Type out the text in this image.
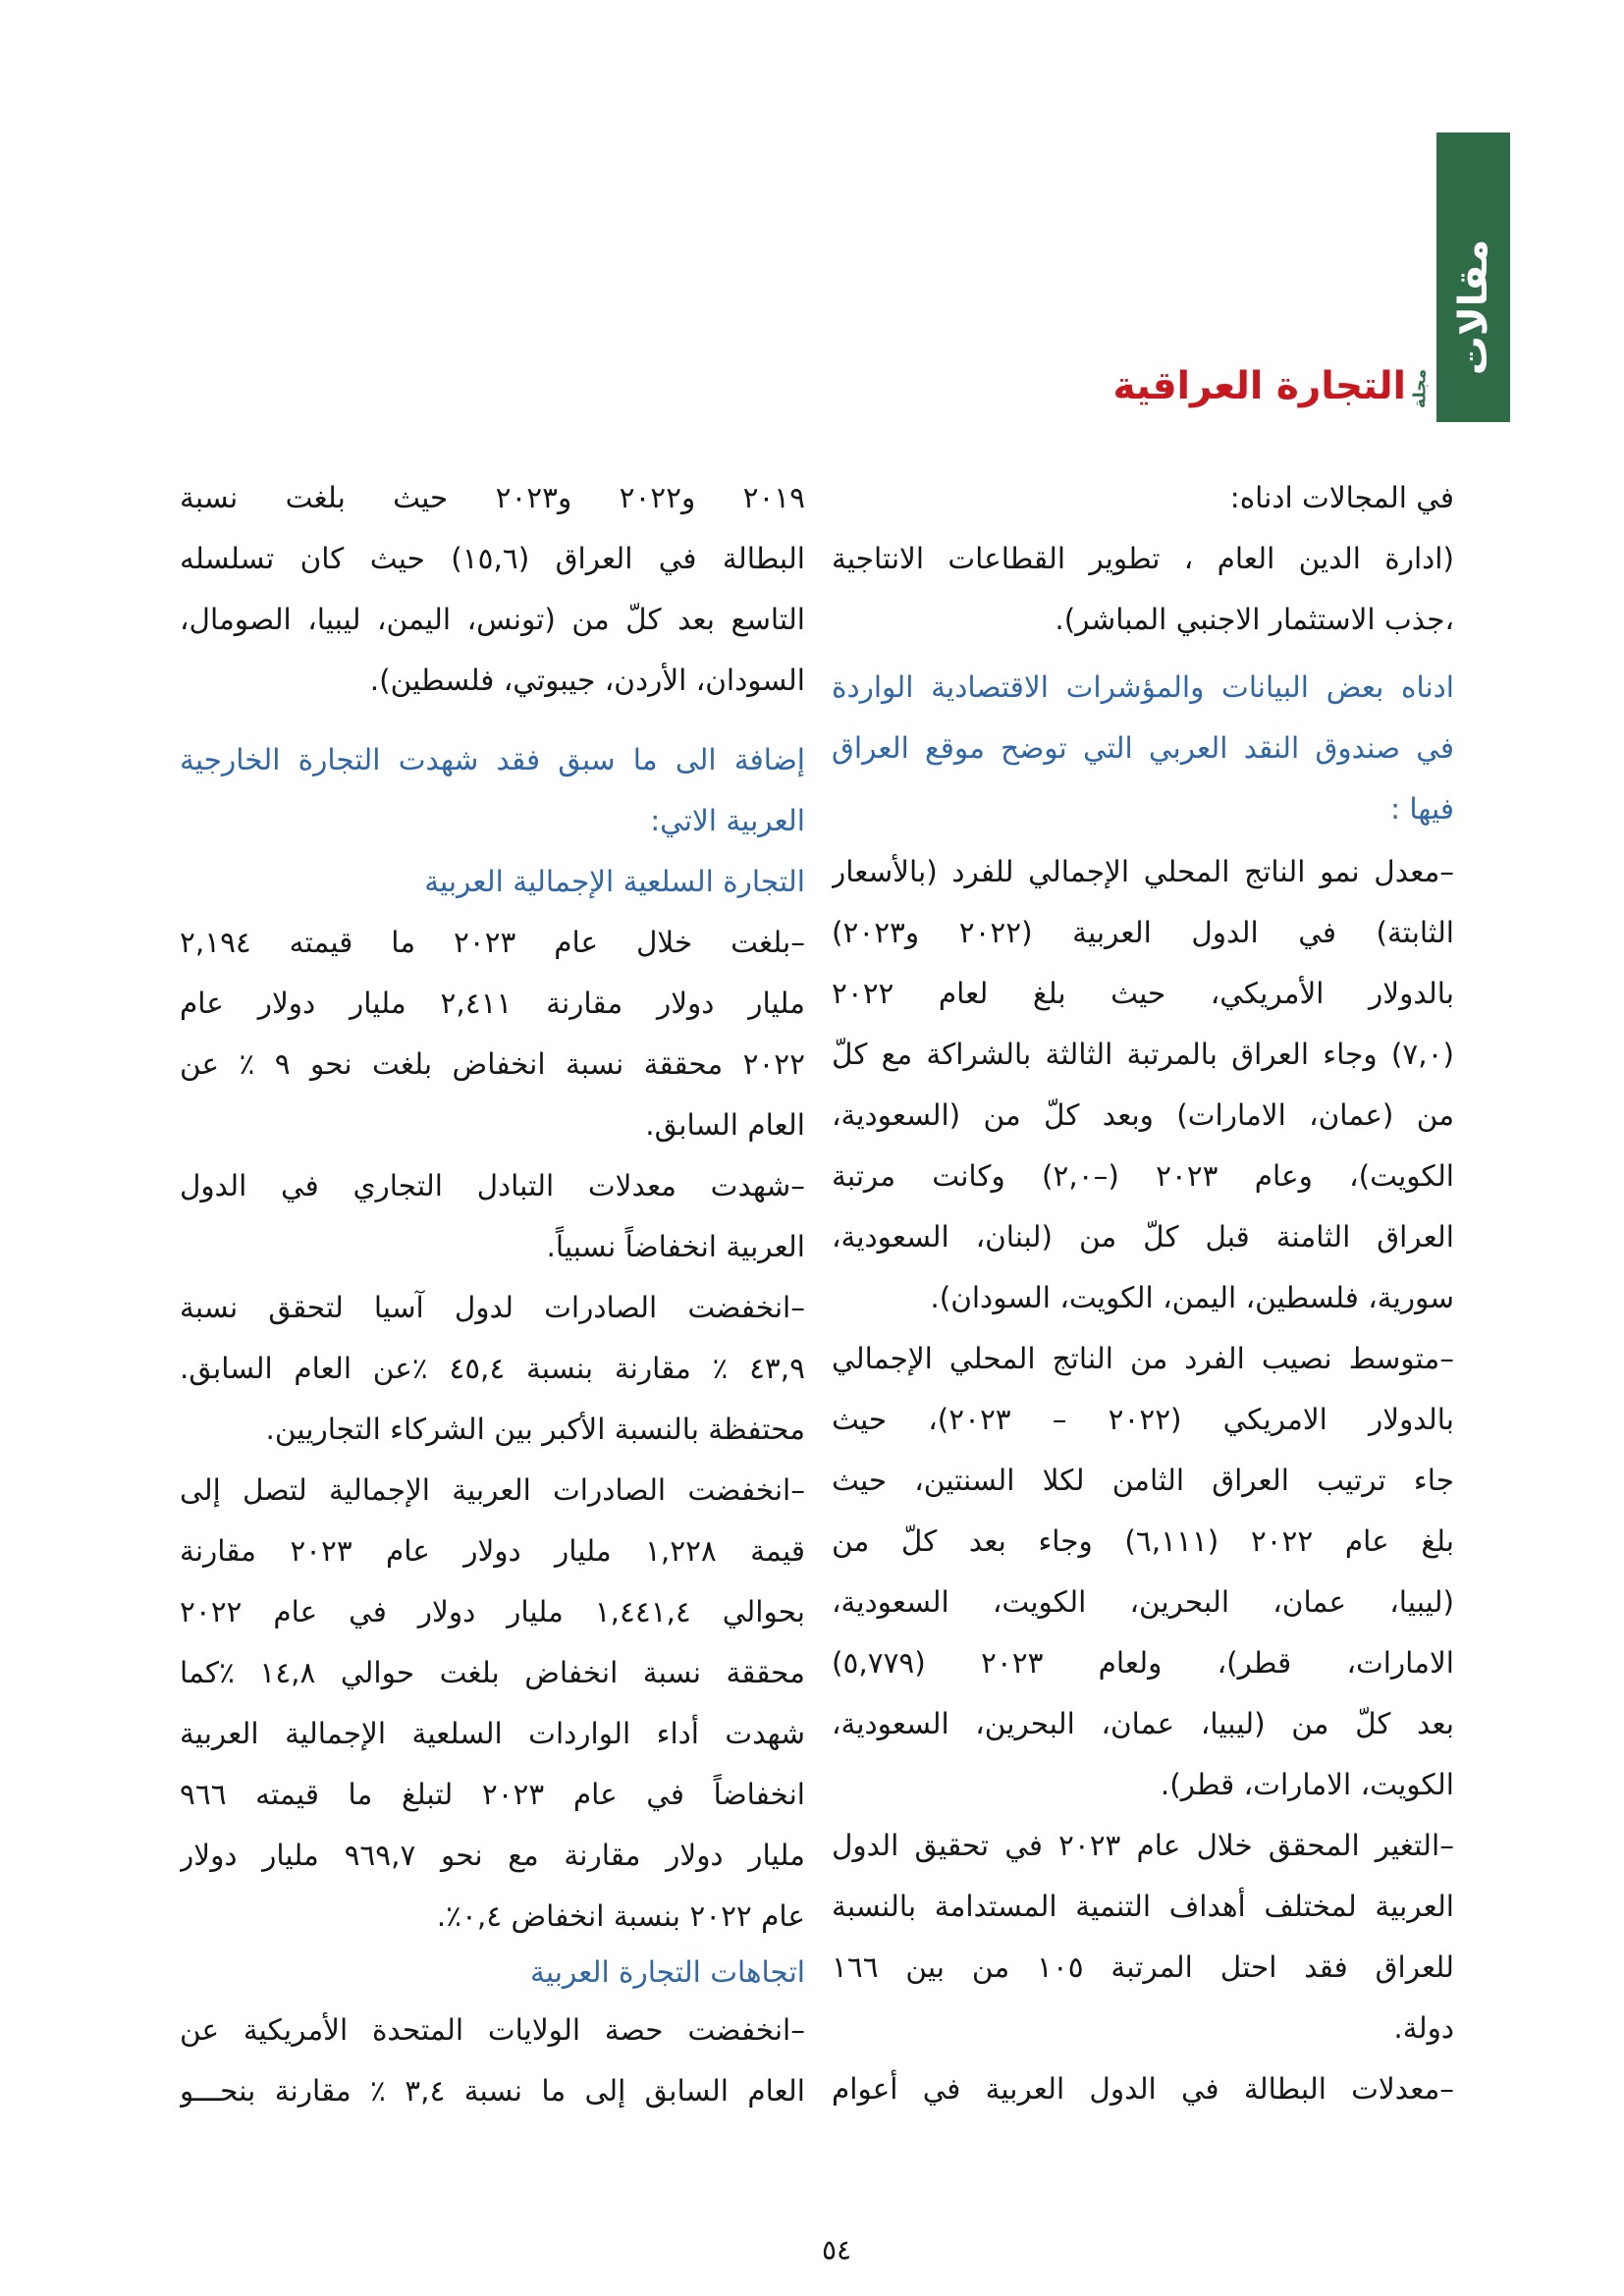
مقالات
مجلة
التجارة العراقية
في المجالات ادناه:
(ادارة الدين العام ، تطوير القطاعات الانتاجية
،جذب الاستثمار الاجنبي المباشر).
ادناه بعض البيانات والمؤشرات الاقتصادية الواردة
في صندوق النقد العربي التي توضح موقع العراق
فيها :
–معدل نمو الناتج المحلي الإجمالي للفرد (بالأسعار
الثابتة) في الدول العربية (٢٠٢٢ و٢٠٢٣)
بالدولار الأمريكي، حيث بلغ لعام ٢٠٢٢
(٧,٠) وجاء العراق بالمرتبة الثالثة بالشراكة مع كلّ
من (عمان، الامارات) وبعد كلّ من (السعودية،
الكويت)، وعام ٢٠٢٣ (–٢,٠) وكانت مرتبة
العراق الثامنة قبل كلّ من (لبنان، السعودية،
سورية، فلسطين، اليمن، الكويت، السودان).
–متوسط نصيب الفرد من الناتج المحلي الإجمالي
بالدولار الامريكي (٢٠٢٢ – ٢٠٢٣)، حيث
جاء ترتيب العراق الثامن لكلا السنتين، حيث
بلغ عام ٢٠٢٢ (٦,١١١) وجاء بعد كلّ من
(ليبيا، عمان، البحرين، الكويت، السعودية،
الامارات، قطر)، ولعام ٢٠٢٣ (٥,٧٧٩)
بعد كلّ من (ليبيا، عمان، البحرين، السعودية،
الكويت، الامارات، قطر).
–التغير المحقق خلال عام ٢٠٢٣ في تحقيق الدول
العربية لمختلف أهداف التنمية المستدامة بالنسبة
للعراق فقد احتل المرتبة ١٠٥ من بين ١٦٦
دولة.
–معدلات البطالة في الدول العربية في أعوام
٢٠١٩ و٢٠٢٢ و٢٠٢٣ حيث بلغت نسبة
البطالة في العراق (١٥,٦) حيث كان تسلسله
التاسع بعد كلّ من (تونس، اليمن، ليبيا، الصومال،
السودان، الأردن، جيبوتي، فلسطين).
إضافة الى ما سبق فقد شهدت التجارة الخارجية
العربية الاتي:
التجارة السلعية الإجمالية العربية
–بلغت خلال عام ٢٠٢٣ ما قيمته ٢,١٩٤
مليار دولار مقارنة ٢,٤١١ مليار دولار عام
٢٠٢٢ محققة نسبة انخفاض بلغت نحو ٩ ٪ عن
العام السابق.
–شهدت معدلات التبادل التجاري في الدول
العربية انخفاضاً نسبياً.
–انخفضت الصادرات لدول آسيا لتحقق نسبة
٤٣,٩ ٪ مقارنة بنسبة ٤٥,٤ ٪عن العام السابق.
محتفظة بالنسبة الأكبر بين الشركاء التجاريين.
–انخفضت الصادرات العربية الإجمالية لتصل إلى
قيمة ١,٢٢٨ مليار دولار عام ٢٠٢٣ مقارنة
بحوالي ١,٤٤١,٤ مليار دولار في عام ٢٠٢٢
محققة نسبة انخفاض بلغت حوالي ١٤,٨ ٪كما
شهدت أداء الواردات السلعية الإجمالية العربية
انخفاضاً في عام ٢٠٢٣ لتبلغ ما قيمته ٩٦٦
مليار دولار مقارنة مع نحو ٩٦٩,٧ مليار دولار
عام ٢٠٢٢ بنسبة انخفاض ٠,٤٪.
اتجاهات التجارة العربية
–انخفضت حصة الولايات المتحدة الأمريكية عن
العام السابق إلى ما نسبة ٣,٤ ٪ مقارنة بنحـــو
٥٤
